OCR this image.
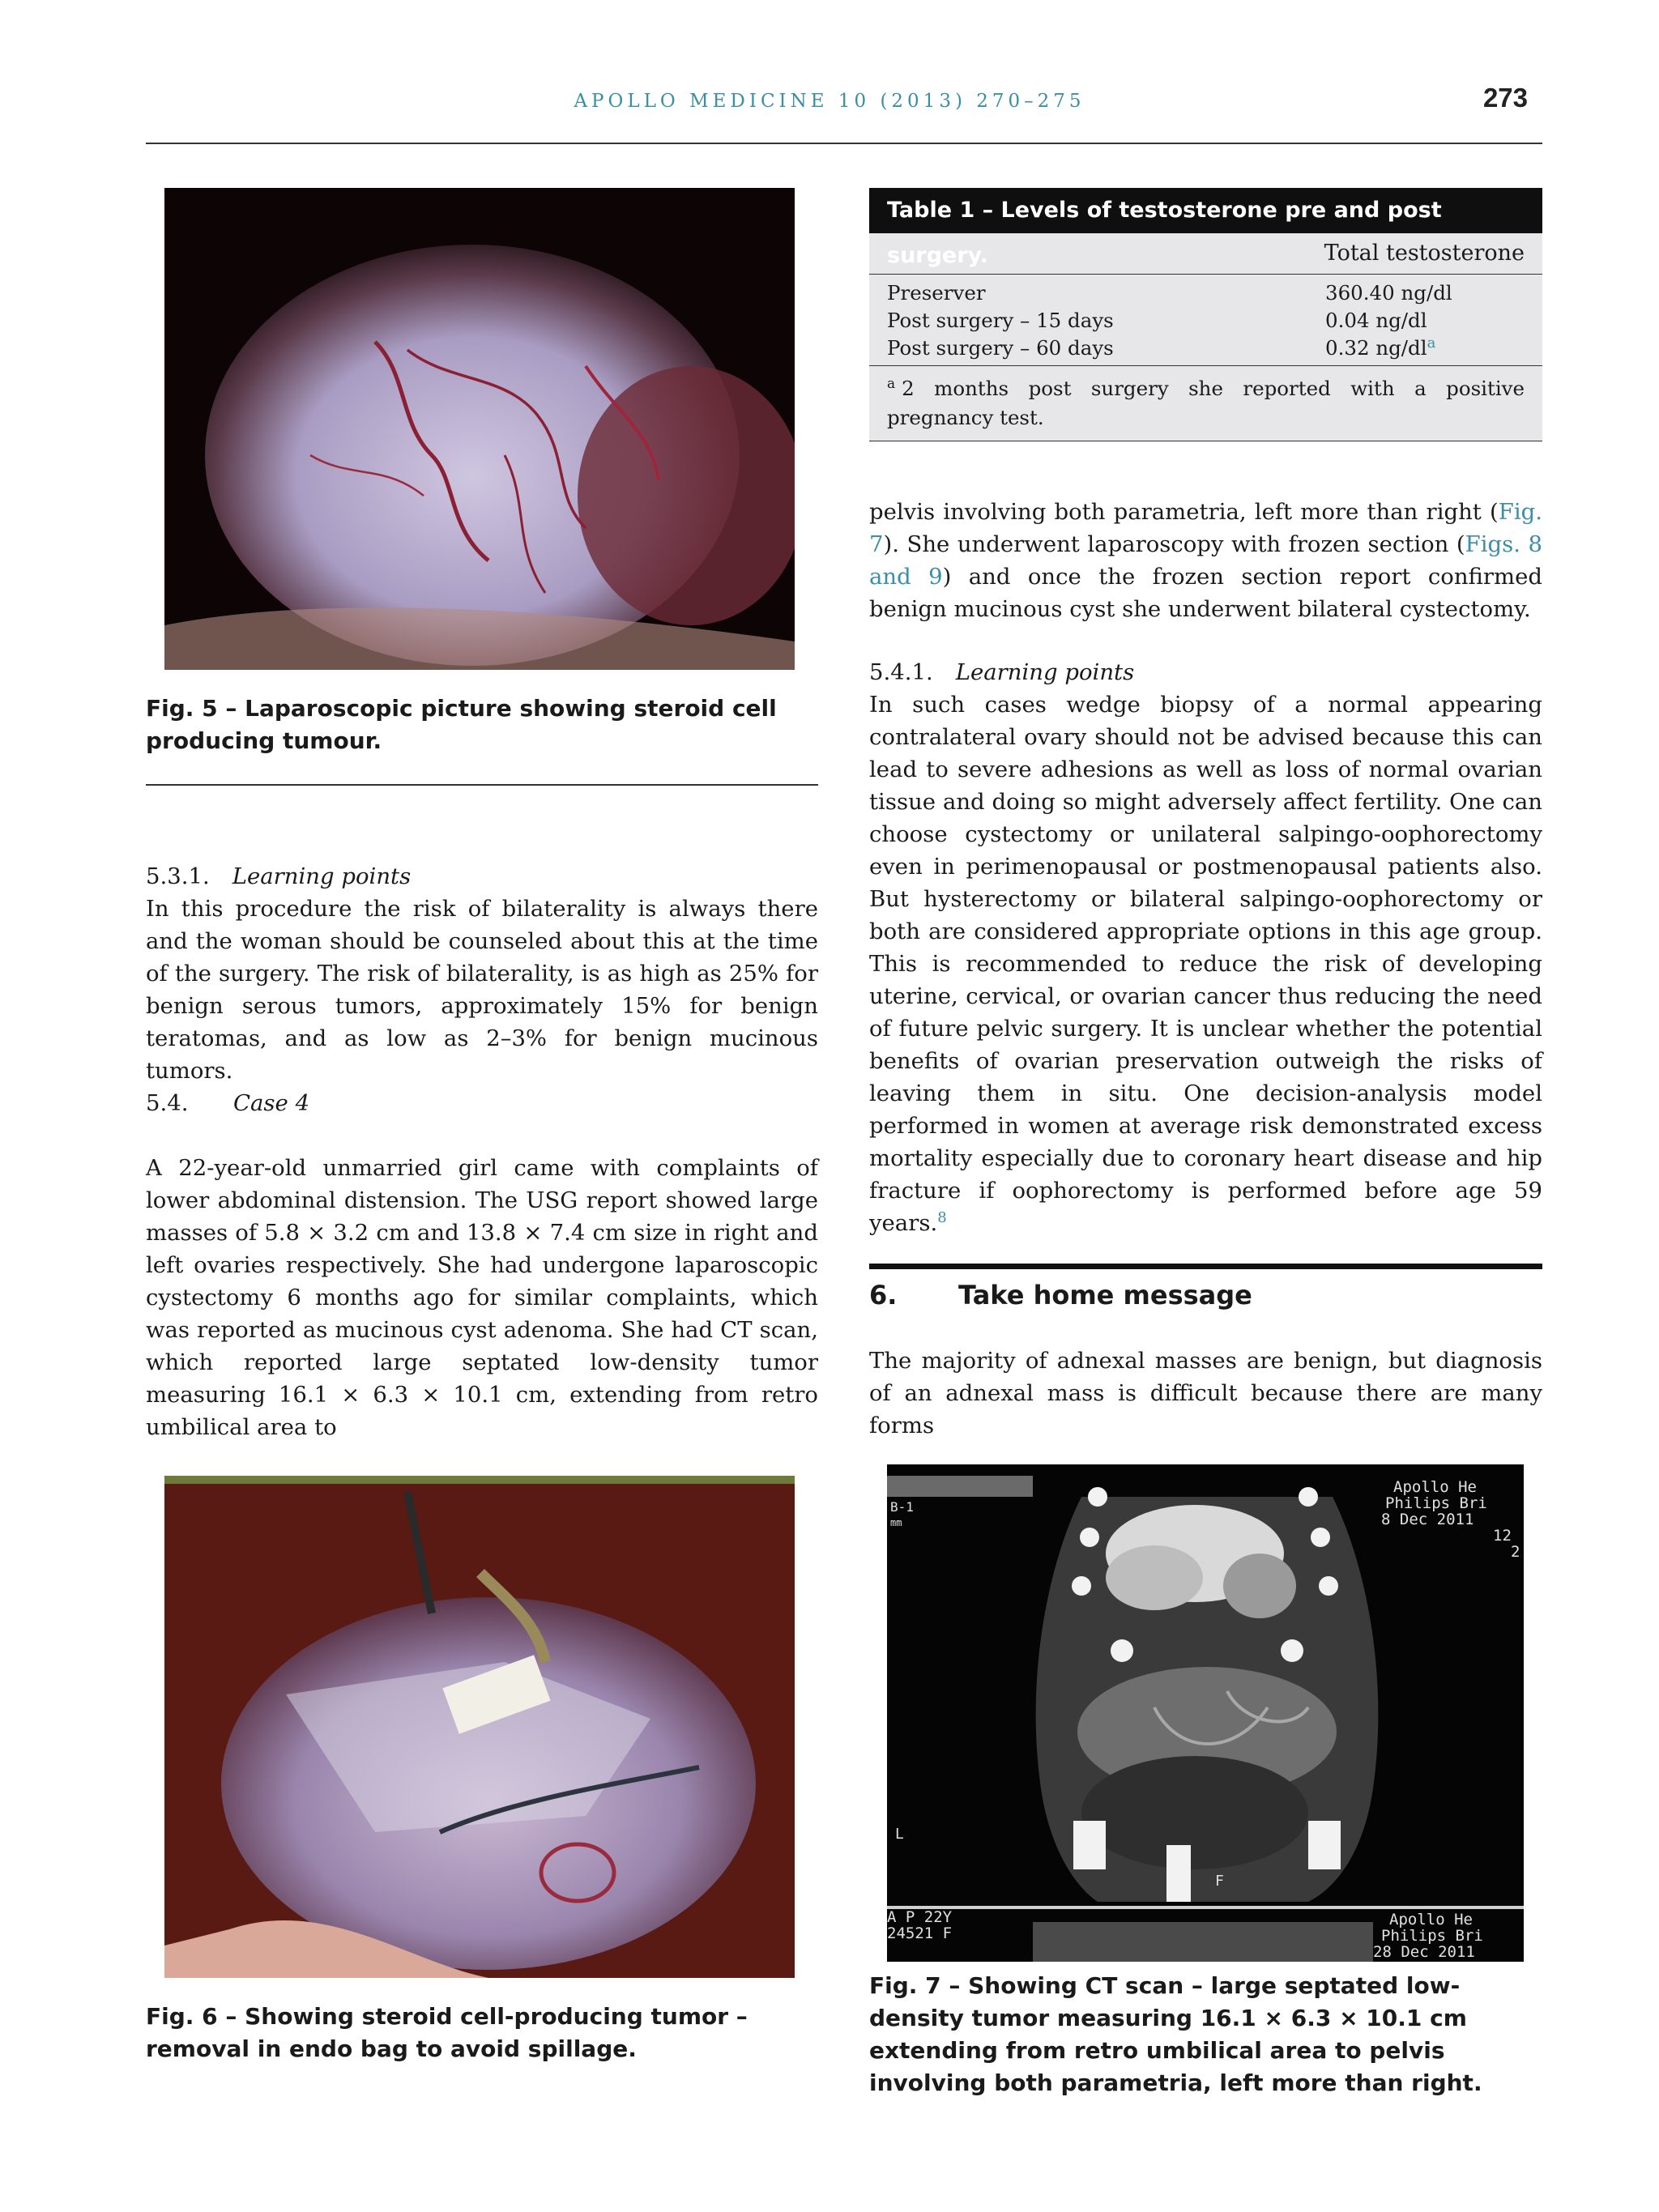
APOLLO MEDICINE 10 (2013) 270–275	273

Fig. 5 – Laparoscopic picture showing steroid cell producing tumour.

5.3.1. Learning points
In this procedure the risk of bilaterality is always there and the woman should be counseled about this at the time of the surgery. The risk of bilaterality, is as high as 25% for benign serous tumors, approximately 15% for benign teratomas, and as low as 2–3% for benign mucinous tumors.
5.4. Case 4
A 22-year-old unmarried girl came with complaints of lower abdominal distension. The USG report showed large masses of 5.8 × 3.2 cm and 13.8 × 7.4 cm size in right and left ovaries respectively. She had undergone laparoscopic cystectomy 6 months ago for similar complaints, which was reported as mucinous cyst adenoma. She had CT scan, which reported large septated low-density tumor measuring 16.1 × 6.3 × 10.1 cm, extending from retro umbilical area to

Fig. 6 – Showing steroid cell-producing tumor – removal in endo bag to avoid spillage.

Table 1 – Levels of testosterone pre and post surgery.	Total testosterone
Preserver	360.40 ng/dl
Post surgery – 15 days	0.04 ng/dl
Post surgery – 60 days	0.32 ng/dl$^a$
$^a$ 2 months post surgery she reported with a positive pregnancy test.
pelvis involving both parametria, left more than right (Fig. 7). She underwent laparoscopy with frozen section (Figs. 8 and 9) and once the frozen section report confirmed benign mucinous cyst she underwent bilateral cystectomy.
5.4.1. Learning points
In such cases wedge biopsy of a normal appearing contralateral ovary should not be advised because this can lead to severe adhesions as well as loss of normal ovarian tissue and doing so might adversely affect fertility. One can choose cystectomy or unilateral salpingo-oophorectomy even in perimenopausal or postmenopausal patients also. But hysterectomy or bilateral salpingo-oophorectomy or both are considered appropriate options in this age group. This is recommended to reduce the risk of developing uterine, cervical, or ovarian cancer thus reducing the need of future pelvic surgery. It is unclear whether the potential benefits of ovarian preservation outweigh the risks of leaving them in situ. One decision-analysis model performed in women at average risk demonstrated excess mortality especially due to coronary heart disease and hip fracture if oophorectomy is performed before age 59 years.$^8$
6. Take home message
The majority of adnexal masses are benign, but diagnosis of an adnexal mass is difficult because there are many forms
B-1
mm
Apollo He
Philips Bri
8 Dec 2011
12
2
L
F
A P 22Y
24521 F
Apollo He
Philips Bri
28 Dec 2011

Fig. 7 – Showing CT scan – large septated low-density tumor measuring 16.1 × 6.3 × 10.1 cm extending from retro umbilical area to pelvis involving both parametria, left more than right.
